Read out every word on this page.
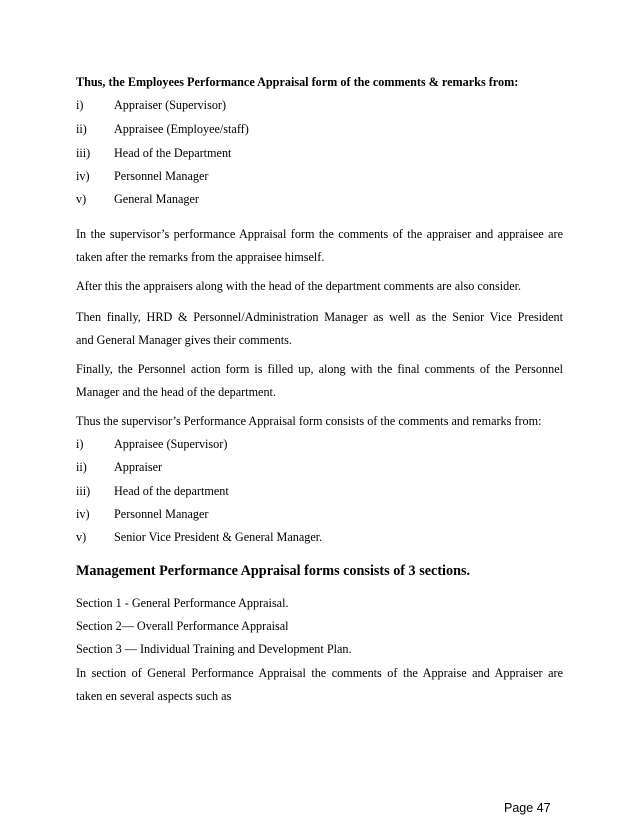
Thus, the Employees Performance Appraisal form of the comments & remarks from:
i)	Appraiser (Supervisor)
ii) Appraisee (Employee/staff)
iii) Head of the Department
iv) Personnel Manager
v) General Manager
In the supervisor’s performance Appraisal form the comments of the appraiser and appraisee are
taken after the remarks from the appraisee himself.
After this the appraisers along with the head of the department comments are also consider.
Then finally, HRD & Personnel/Administration Manager as well as the Senior Vice President
and General Manager gives their comments.
Finally, the Personnel action form is filled up, along with the final comments of the Personnel
Manager and the head of the department.
Thus the supervisor’s Performance Appraisal form consists of the comments and remarks from:
i)	Appraisee (Supervisor)
ii) Appraiser
iii) Head of the department
iv) Personnel Manager
v) Senior Vice President & General Manager.
Management Performance Appraisal forms consists of 3 sections.
Section 1 - General Performance Appraisal.
Section 2— Overall Performance Appraisal
Section 3 — Individual Training and Development Plan.
In section of General Performance Appraisal the comments of the Appraise and Appraiser are
taken en several aspects such as
Page 47
